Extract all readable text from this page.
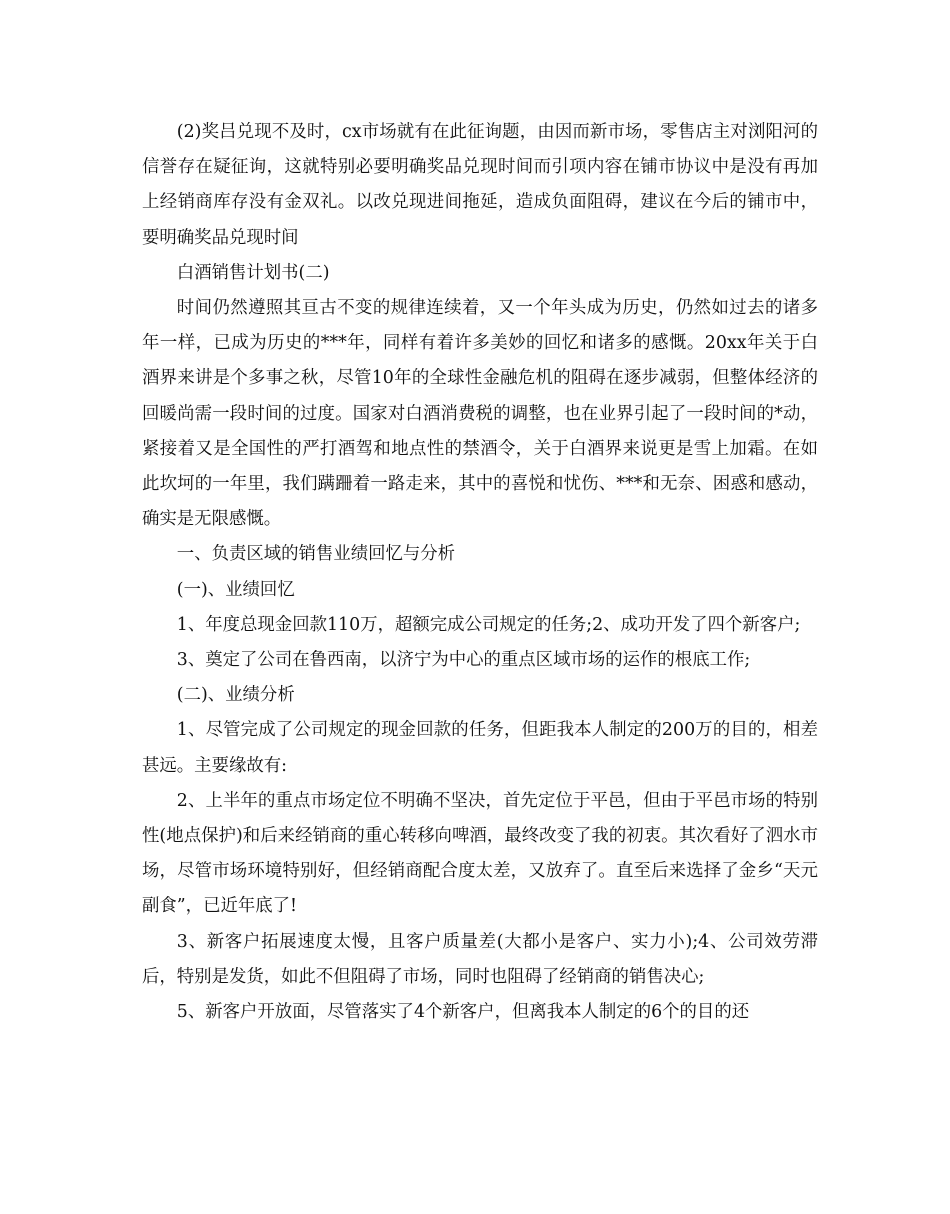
(2)奖吕兑现不及时，cx市场就有在此征询题，由因而新市场，零售店主对浏阳河的信誉存在疑征询，这就特别必要明确奖品兑现时间而引项内容在铺市协议中是没有再加上经销商库存没有金双礼。以改兑现进间拖延，造成负面阻碍，建议在今后的铺市中，要明确奖品兑现时间

白酒销售计划书(二)

时间仍然遵照其亘古不变的规律连续着，又一个年头成为历史，仍然如过去的诸多年一样，已成为历史的***年，同样有着许多美妙的回忆和诸多的感慨。20xx年关于白酒界来讲是个多事之秋，尽管10年的全球性金融危机的阻碍在逐步减弱，但整体经济的回暖尚需一段时间的过度。国家对白酒消费税的调整，也在业界引起了一段时间的*动，紧接着又是全国性的严打酒驾和地点性的禁酒令，关于白酒界来说更是雪上加霜。在如此坎坷的一年里，我们蹒跚着一路走来，其中的喜悦和忧伤、***和无奈、困惑和感动，确实是无限感慨。

一、负责区域的销售业绩回忆与分析

(一)、业绩回忆

1、年度总现金回款110万，超额完成公司规定的任务;2、成功开发了四个新客户;

3、奠定了公司在鲁西南，以济宁为中心的重点区域市场的运作的根底工作;

(二)、业绩分析

1、尽管完成了公司规定的现金回款的任务，但距我本人制定的200万的目的，相差甚远。主要缘故有:

2、上半年的重点市场定位不明确不坚决，首先定位于平邑，但由于平邑市场的特别性(地点保护)和后来经销商的重心转移向啤酒，最终改变了我的初衷。其次看好了泗水市场，尽管市场环境特别好，但经销商配合度太差，又放弃了。直至后来选择了金乡“天元副食”，已近年底了!

3、新客户拓展速度太慢，且客户质量差(大都小是客户、实力小);4、公司效劳滞后，特别是发货，如此不但阻碍了市场，同时也阻碍了经销商的销售决心;

5、新客户开放面，尽管落实了4个新客户，但离我本人制定的6个的目的还
